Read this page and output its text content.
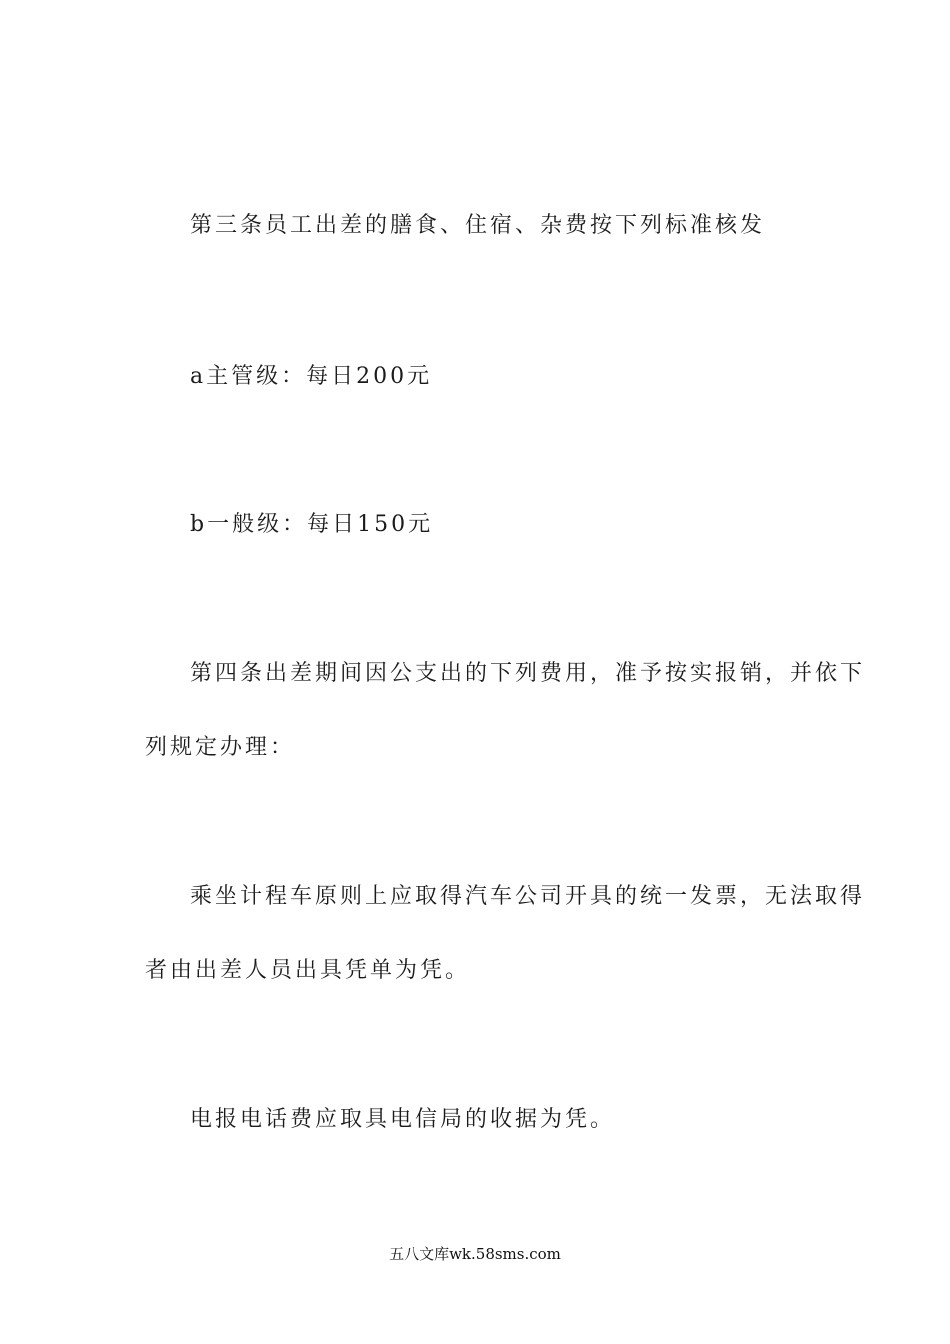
第三条员工出差的膳食、住宿、杂费按下列标准核发
a主管级：每日200元
b一般级：每日150元
第四条出差期间因公支出的下列费用，准予按实报销，并依下
列规定办理：
乘坐计程车原则上应取得汽车公司开具的统一发票，无法取得
者由出差人员出具凭单为凭。
电报电话费应取具电信局的收据为凭。
五八文库wk.58sms.com
